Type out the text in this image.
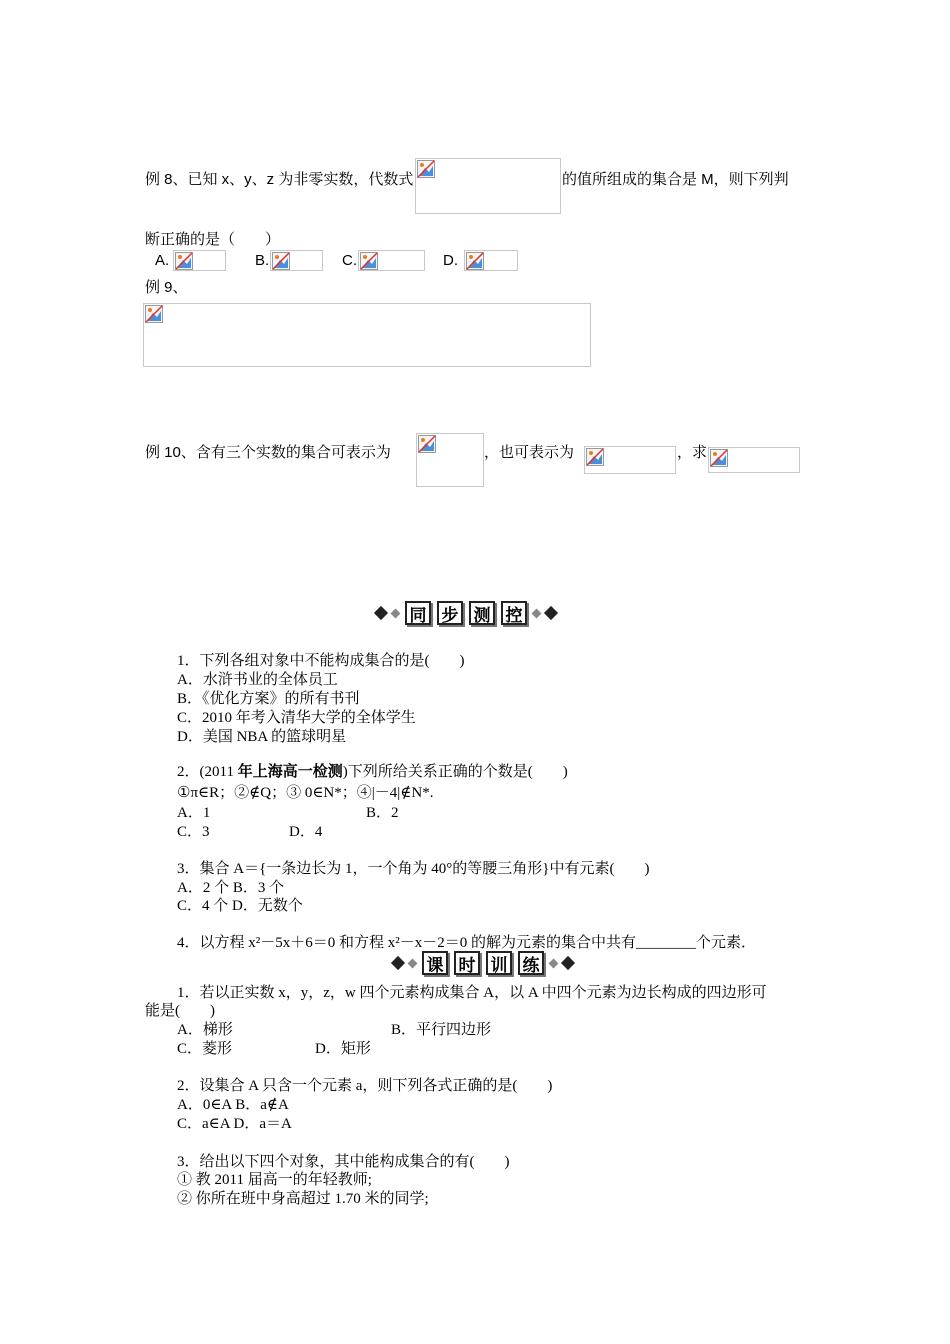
例 8、已知 x、y、z 为非零实数，代数式	的值所组成的集合是 M，则下列判
断正确的是（　　）
A.	B.	C.	D.
例 9、
例 10、含有三个实数的集合可表示为	，也可表示为	，求
同 步 测 控
1．下列各组对象中不能构成集合的是(　　)
A．水浒书业的全体员工
B．《优化方案》的所有书刊
C．2010 年考入清华大学的全体学生
D．美国 NBA 的篮球明星
2．(2011 年上海高一检测)下列所给关系正确的个数是(　　)
①π∈R；②∉Q；③ 0∈N*；④|－4|∉N*.
A．1	B．2
C．3	D．4
3．集合 A＝{一条边长为 1，一个角为 40°的等腰三角形}中有元素(　　)
A．2 个 B．3 个
C．4 个 D．无数个
4．以方程 x²－5x＋6＝0 和方程 x²－x－2＝0 的解为元素的集合中共有________个元素．
课 时 训 练
1．若以正实数 x，y，z，w 四个元素构成集合 A，以 A 中四个元素为边长构成的四边形可
能是(　　)
A．梯形	B．平行四边形
C．菱形	D．矩形
2．设集合 A 只含一个元素 a，则下列各式正确的是(　　)
A．0∈A B．a∉A
C．a∈A D．a＝A
3．给出以下四个对象，其中能构成集合的有(　　)
① 教 2011 届高一的年轻教师;
② 你所在班中身高超过 1.70 米的同学;
